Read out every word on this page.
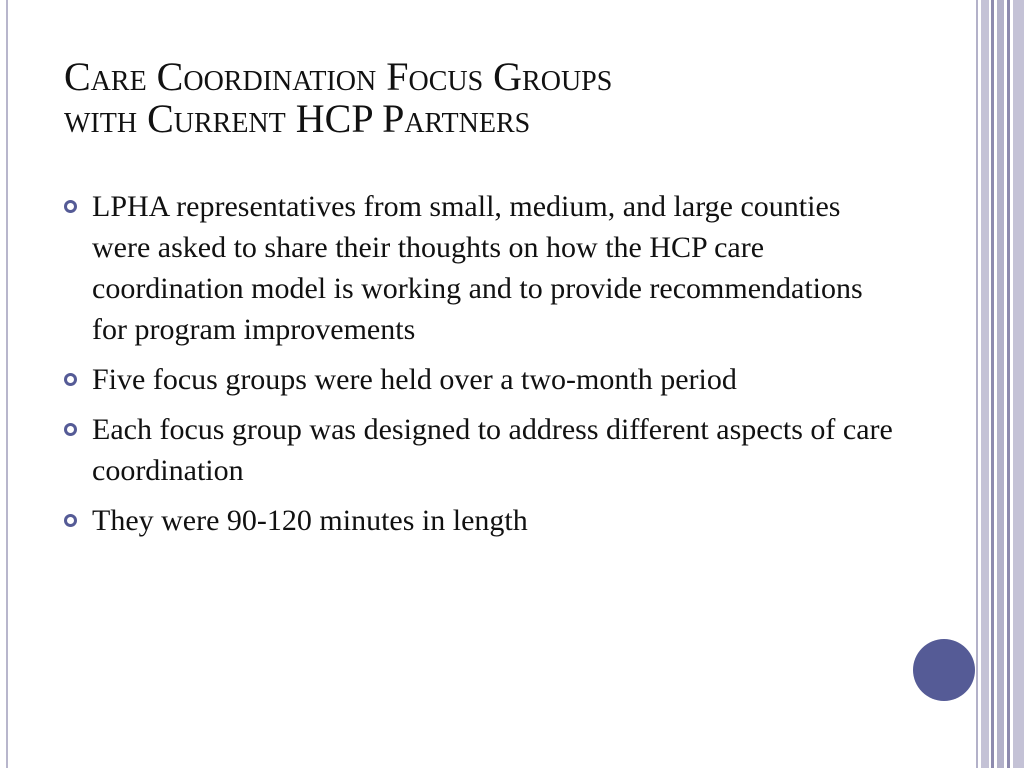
Care Coordination Focus Groups
with Current HCP Partners
LPHA representatives from small, medium, and large counties were asked to share their thoughts on how the HCP care coordination model is working and to provide recommendations for program improvements
Five focus groups were held over a two-month period
Each focus group was designed to address different aspects of care coordination
They were 90-120 minutes in length
